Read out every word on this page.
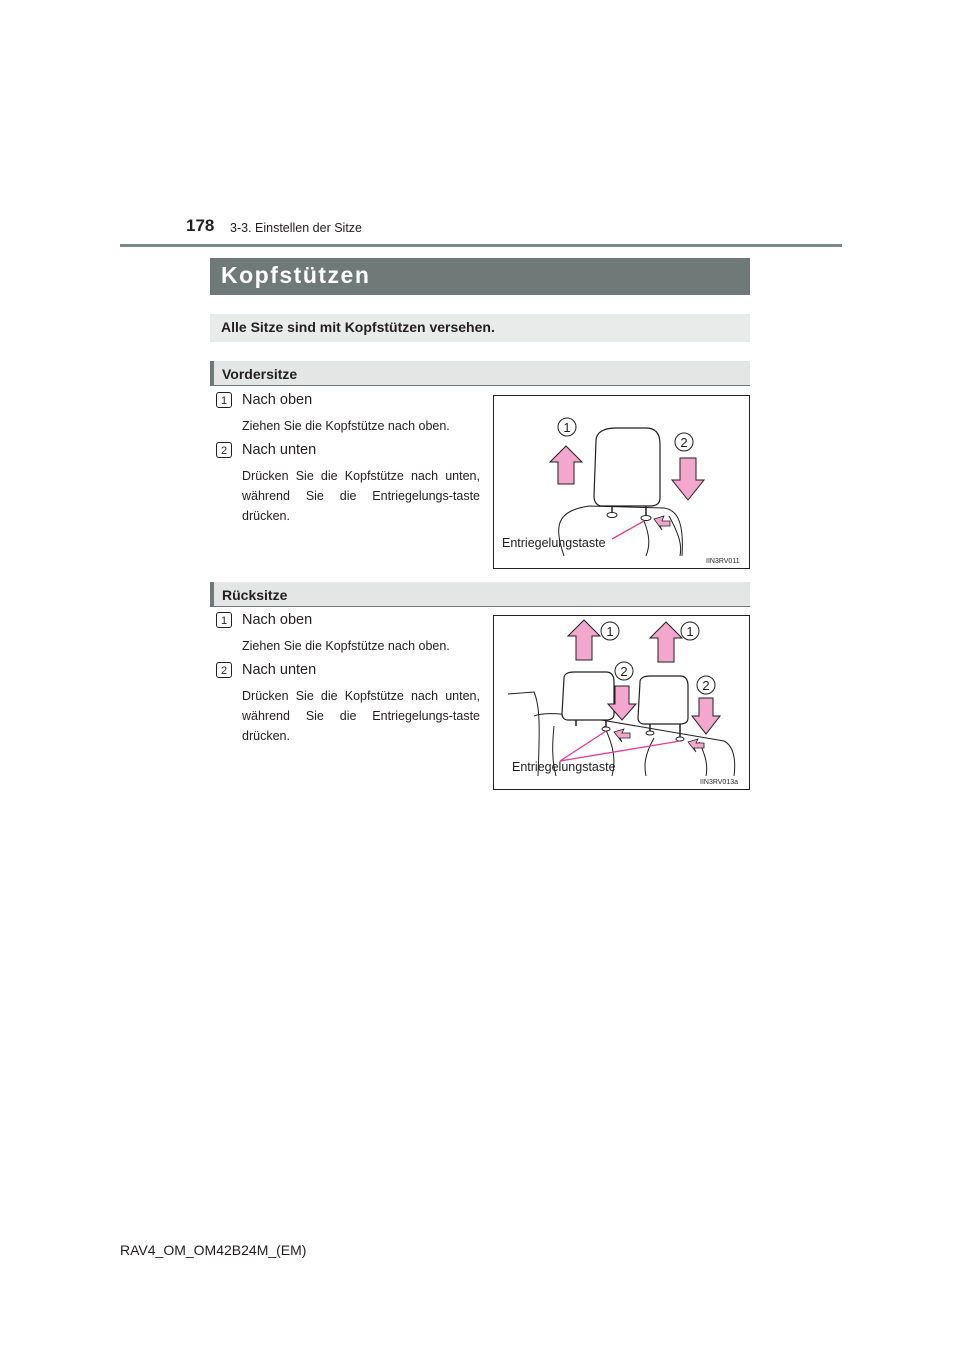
178 3-3. Einstellen der Sitze
Kopfstützen
Alle Sitze sind mit Kopfstützen versehen.
Vordersitze
1	Nach oben
Ziehen Sie die Kopfstütze nach oben.
2	Nach unten
Drücken Sie die Kopfstütze nach unten, während Sie die Entriegelungs-taste drücken.
1
2
Entriegelungstaste
IIN3RV011
Rücksitze
1	Nach oben
Ziehen Sie die Kopfstütze nach oben.
2	Nach unten
Drücken Sie die Kopfstütze nach unten, während Sie die Entriegelungs-taste drücken.
1	1
2
2
Entriegelungstaste
IIN3RV013a
RAV4_OM_OM42B24M_(EM)
